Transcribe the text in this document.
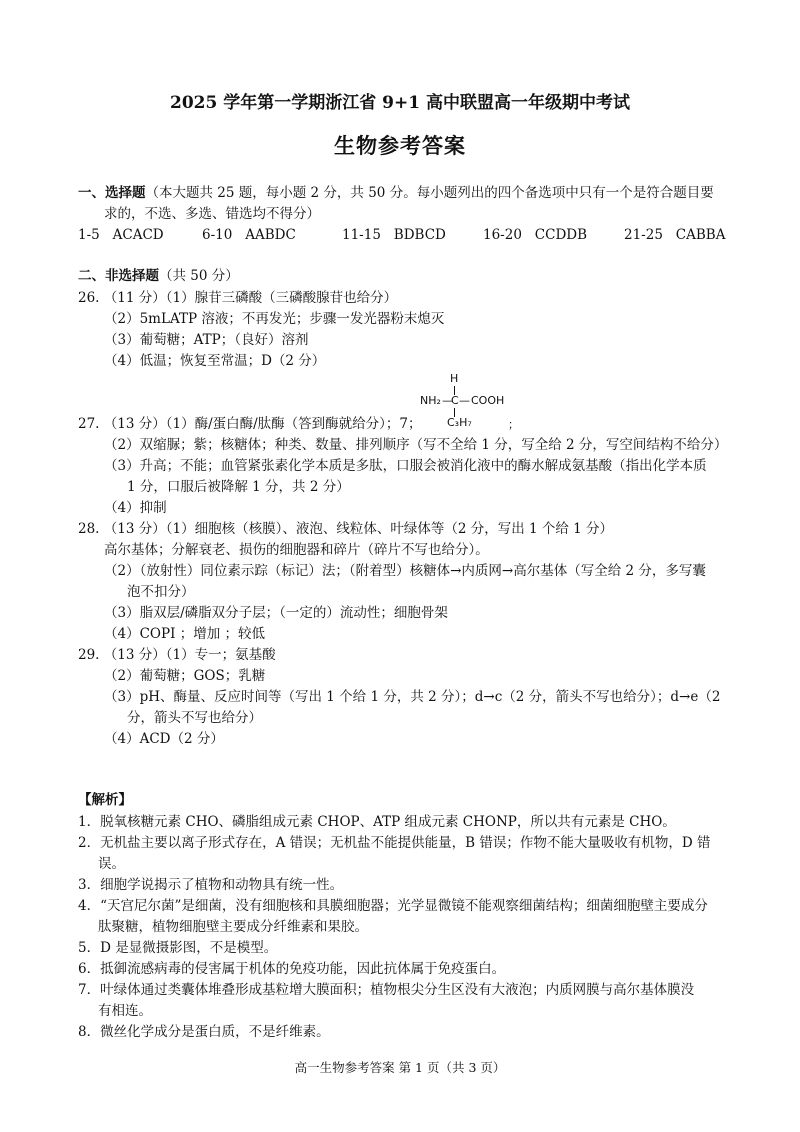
2025 学年第一学期浙江省 9+1 高中联盟高一年级期中考试
生物参考答案
一、选择题（本大题共 25 题，每小题 2 分，共 50 分。每小题列出的四个备选项中只有一个是符合题目要
求的，不选、多选、错选均不得分）
1-5 ACACD	6-10 AABDC	11-15 BDBCD	16-20 CCDDB	21-25 CABBA
二、非选择题（共 50 分）
26. （11 分）（1）腺苷三磷酸（三磷酸腺苷也给分）
（2）5mLATP 溶液；不再发光；步骤一发光器粉末熄灭
（3）葡萄糖；ATP；（良好）溶剂
（4）低温；恢复至常温；D（2 分）
H
NH₂ —
C — COOH
C₃H₇	；
27. （13 分）（1）酶/蛋白酶/肽酶（答到酶就给分）；7；
（2）双缩脲；紫；核糖体；种类、数量、排列顺序（写不全给 1 分，写全给 2 分，写空间结构不给分）
（3）升高；不能；血管紧张素化学本质是多肽，口服会被消化液中的酶水解成氨基酸（指出化学本质
1 分，口服后被降解 1 分，共 2 分）
（4）抑制
28. （13 分）（1）细胞核（核膜）、液泡、线粒体、叶绿体等（2 分，写出 1 个给 1 分）
高尔基体；分解衰老、损伤的细胞器和碎片（碎片不写也给分）。
（2）（放射性）同位素示踪（标记）法；（附着型）核糖体→内质网→高尔基体（写全给 2 分，多写囊
泡不扣分）
（3）脂双层/磷脂双分子层；（一定的）流动性；细胞骨架
（4）COPI ；增加 ；较低
29. （13 分）（1）专一；氨基酸
（2）葡萄糖；GOS；乳糖
（3）pH、酶量、反应时间等（写出 1 个给 1 分，共 2 分）；d→c（2 分，箭头不写也给分）；d→e（2
分，箭头不写也给分）
（4）ACD（2 分）
【解析】
1．脱氧核糖元素 CHO、磷脂组成元素 CHOP、ATP 组成元素 CHONP，所以共有元素是 CHO。
2．无机盐主要以离子形式存在，A 错误；无机盐不能提供能量，B 错误；作物不能大量吸收有机物，D 错
误。
3．细胞学说揭示了植物和动物具有统一性。
4．“天宫尼尔菌”是细菌，没有细胞核和具膜细胞器；光学显微镜不能观察细菌结构；细菌细胞壁主要成分
肽聚糖，植物细胞壁主要成分纤维素和果胶。
5．D 是显微摄影图，不是模型。
6．抵御流感病毒的侵害属于机体的免疫功能，因此抗体属于免疫蛋白。
7．叶绿体通过类囊体堆叠形成基粒增大膜面积；植物根尖分生区没有大液泡；内质网膜与高尔基体膜没
有相连。
8．微丝化学成分是蛋白质，不是纤维素。
高一生物参考答案 第 1 页（共 3 页）
